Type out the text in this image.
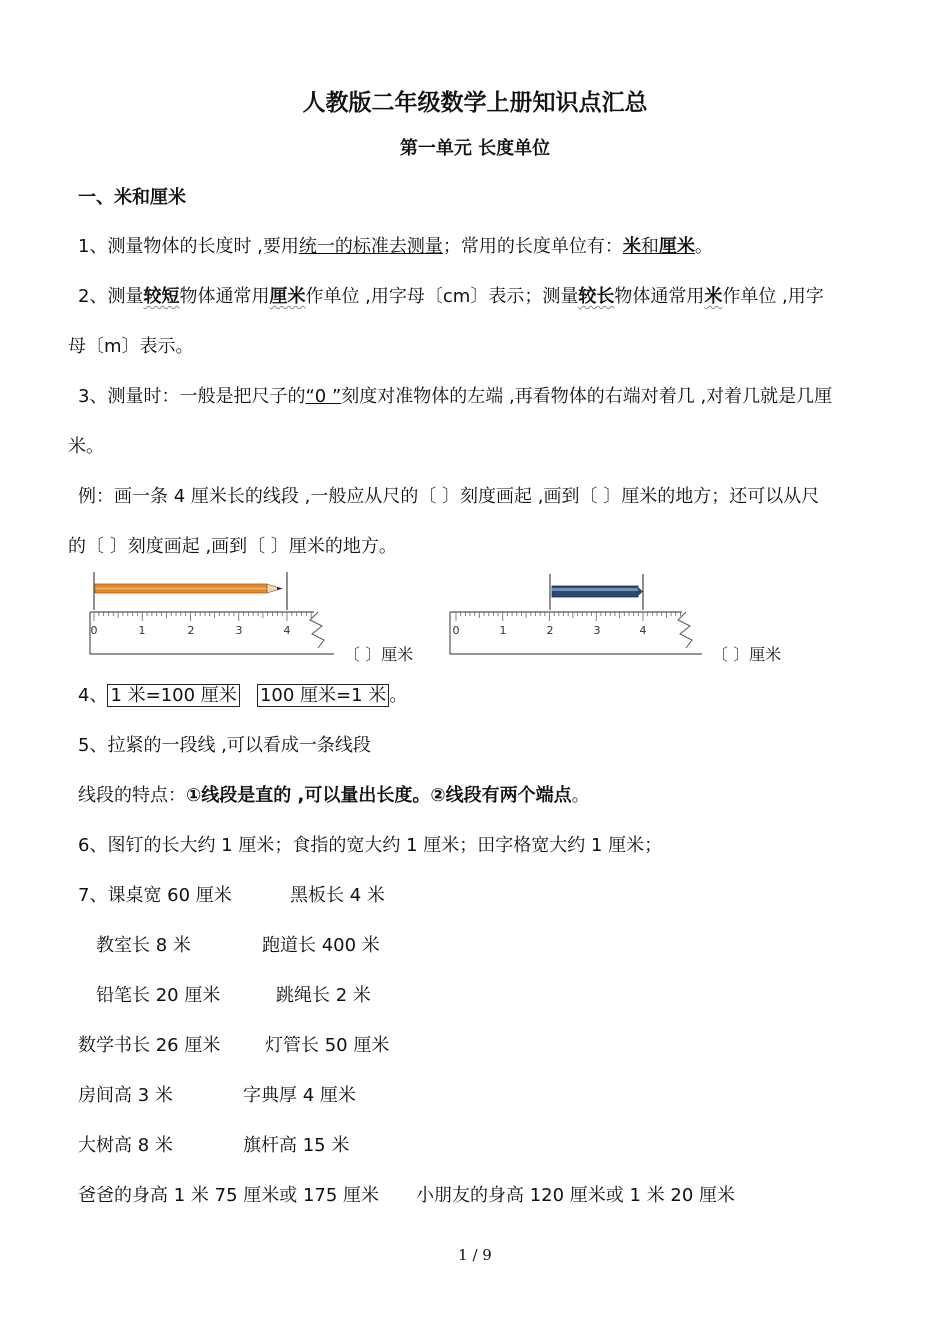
人教版二年级数学上册知识点汇总
第一单元 长度单位
一、米和厘米
1、测量物体的长度时 ,要用统一的标准去测量；常用的长度单位有：米和厘米。
2、测量较短物体通常用厘米作单位 ,用字母〔cm〕表示；测量较长物体通常用米作单位 ,用字
母〔m〕表示。
3、测量时：一般是把尺子的“0 ”刻度对准物体的左端 ,再看物体的右端对着几 ,对着几就是几厘
米。
例：画一条 4 厘米长的线段 ,一般应从尺的〔 〕刻度画起 ,画到〔 〕厘米的地方；还可以从尺
的〔 〕刻度画起 ,画到〔 〕厘米的地方。
0	1	2	3	4
〔 〕厘米
0	1	2	3	4
〔 〕厘米
4、 1 米=100 厘米 100 厘米=1 米 。
5、拉紧的一段线 ,可以看成一条线段
线段的特点：①线段是直的 ,可以量出长度。②线段有两个端点。
6、图钉的长大约 1 厘米；食指的宽大约 1 厘米；田字格宽大约 1 厘米；
7、课桌宽 60 厘米	黑板长 4 米
教室长 8 米	跑道长 400 米
铅笔长 20 厘米	跳绳长 2 米
数学书长 26 厘米 灯管长 50 厘米
房间高 3 米	字典厚 4 厘米
大树高 8 米	旗杆高 15 米
爸爸的身高 1 米 75 厘米或 175 厘米 小朋友的身高 120 厘米或 1 米 20 厘米
1 / 9
